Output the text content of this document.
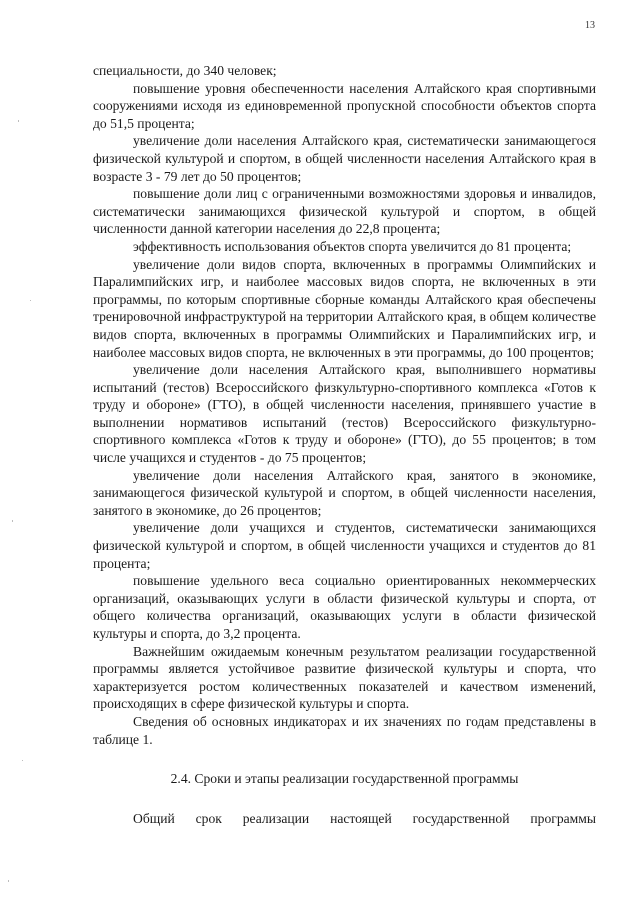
13

специальности, до 340 человек;

повышение уровня обеспеченности населения Алтайского края спортивными сооружениями исходя из единовременной пропускной способности объектов спорта до 51,5 процента;

увеличение доли населения Алтайского края, систематически занимающегося физической культурой и спортом, в общей численности населения Алтайского края в возрасте 3 - 79 лет до 50 процентов;

повышение доли лиц с ограниченными возможностями здоровья и инвалидов, систематически занимающихся физической культурой и спортом, в общей численности данной категории населения до 22,8 процента;

эффективность использования объектов спорта увеличится до 81 процента;

увеличение доли видов спорта, включенных в программы Олимпийских и Паралимпийских игр, и наиболее массовых видов спорта, не включенных в эти программы, по которым спортивные сборные команды Алтайского края обеспечены тренировочной инфраструктурой на территории Алтайского края, в общем количестве видов спорта, включенных в программы Олимпийских и Паралимпийских игр, и наиболее массовых видов спорта, не включенных в эти программы, до 100 процентов;

увеличение доли населения Алтайского края, выполнившего нормативы испытаний (тестов) Всероссийского физкультурно-спортивного комплекса «Готов к труду и обороне» (ГТО), в общей численности населения, принявшего участие в выполнении нормативов испытаний (тестов) Всероссийского физкультурно-спортивного комплекса «Готов к труду и обороне» (ГТО), до 55 процентов; в том числе учащихся и студентов - до 75 процентов;

увеличение доли населения Алтайского края, занятого в экономике, занимающегося физической культурой и спортом, в общей численности населения, занятого в экономике, до 26 процентов;

увеличение доли учащихся и студентов, систематически занимающихся физической культурой и спортом, в общей численности учащихся и студентов до 81 процента;

повышение удельного веса социально ориентированных некоммерческих организаций, оказывающих услуги в области физической культуры и спорта, от общего количества организаций, оказывающих услуги в области физической культуры и спорта, до 3,2 процента.

Важнейшим ожидаемым конечным результатом реализации государственной программы является устойчивое развитие физической культуры и спорта, что характеризуется ростом количественных показателей и качеством изменений, происходящих в сфере физической культуры и спорта.

Сведения об основных индикаторах и их значениях по годам представлены в таблице 1.

2.4. Сроки и этапы реализации государственной программы

Общий срок реализации настоящей государственной программы
